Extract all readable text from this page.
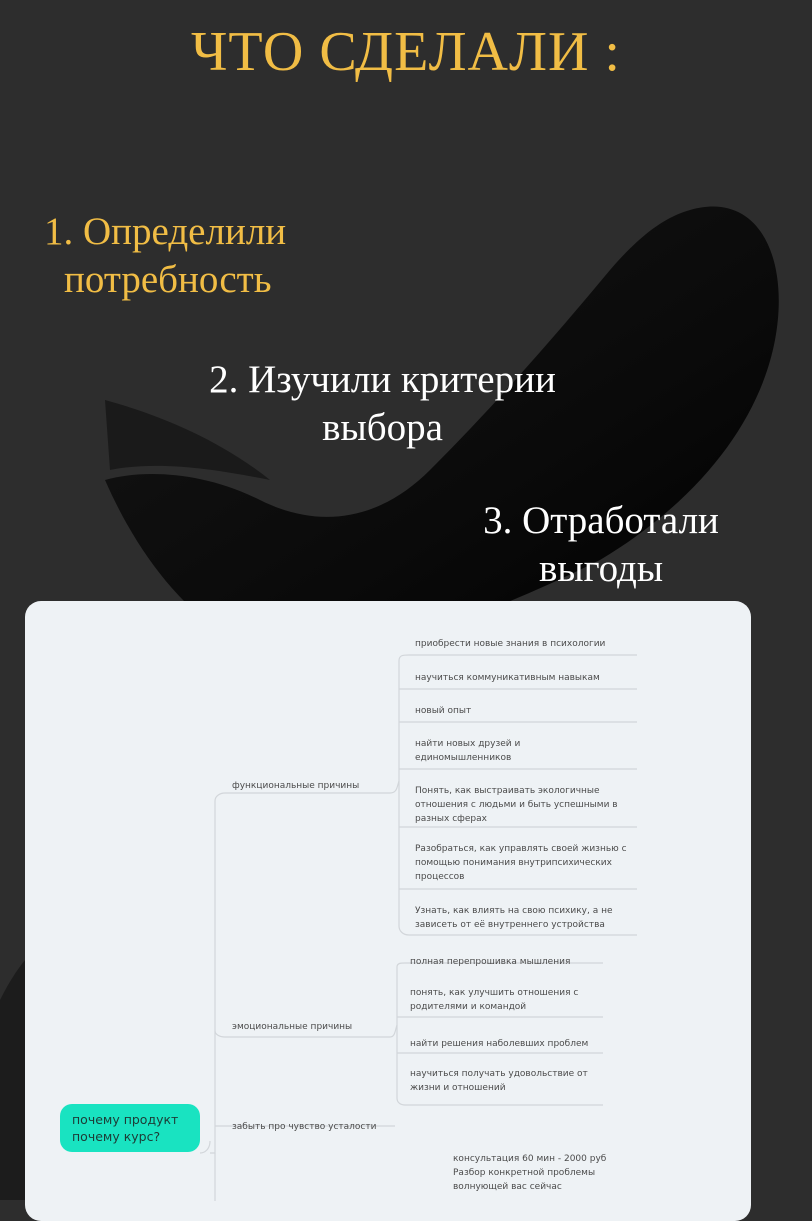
ЧТО СДЕЛАЛИ :
1. Определили
потребность
2. Изучили критерии
выбора
3. Отработали
выгоды

функциональные причины

эмоциональные причины

забыть про чувство усталости

приобрести новые знания в психологии

научиться коммуникативным навыкам

новый опыт

найти новых друзей и единомышленников

Понять, как выстраивать экологичные отношения с людьми и быть успешными в разных сферах

Разобраться, как управлять своей жизнью с помощью понимания внутрипсихических процессов

Узнать, как влиять на свою психику, а не зависеть от её внутреннего устройства

полная перепрошивка мышления

понять, как улучшить отношения с родителями и командой

найти решения наболевших проблем

научиться получать удовольствие от жизни и отношений

консультация 60 мин - 2000 руб
Разбор конкретной проблемы
волнующей вас сейчас
почему продукт
почему курс?
